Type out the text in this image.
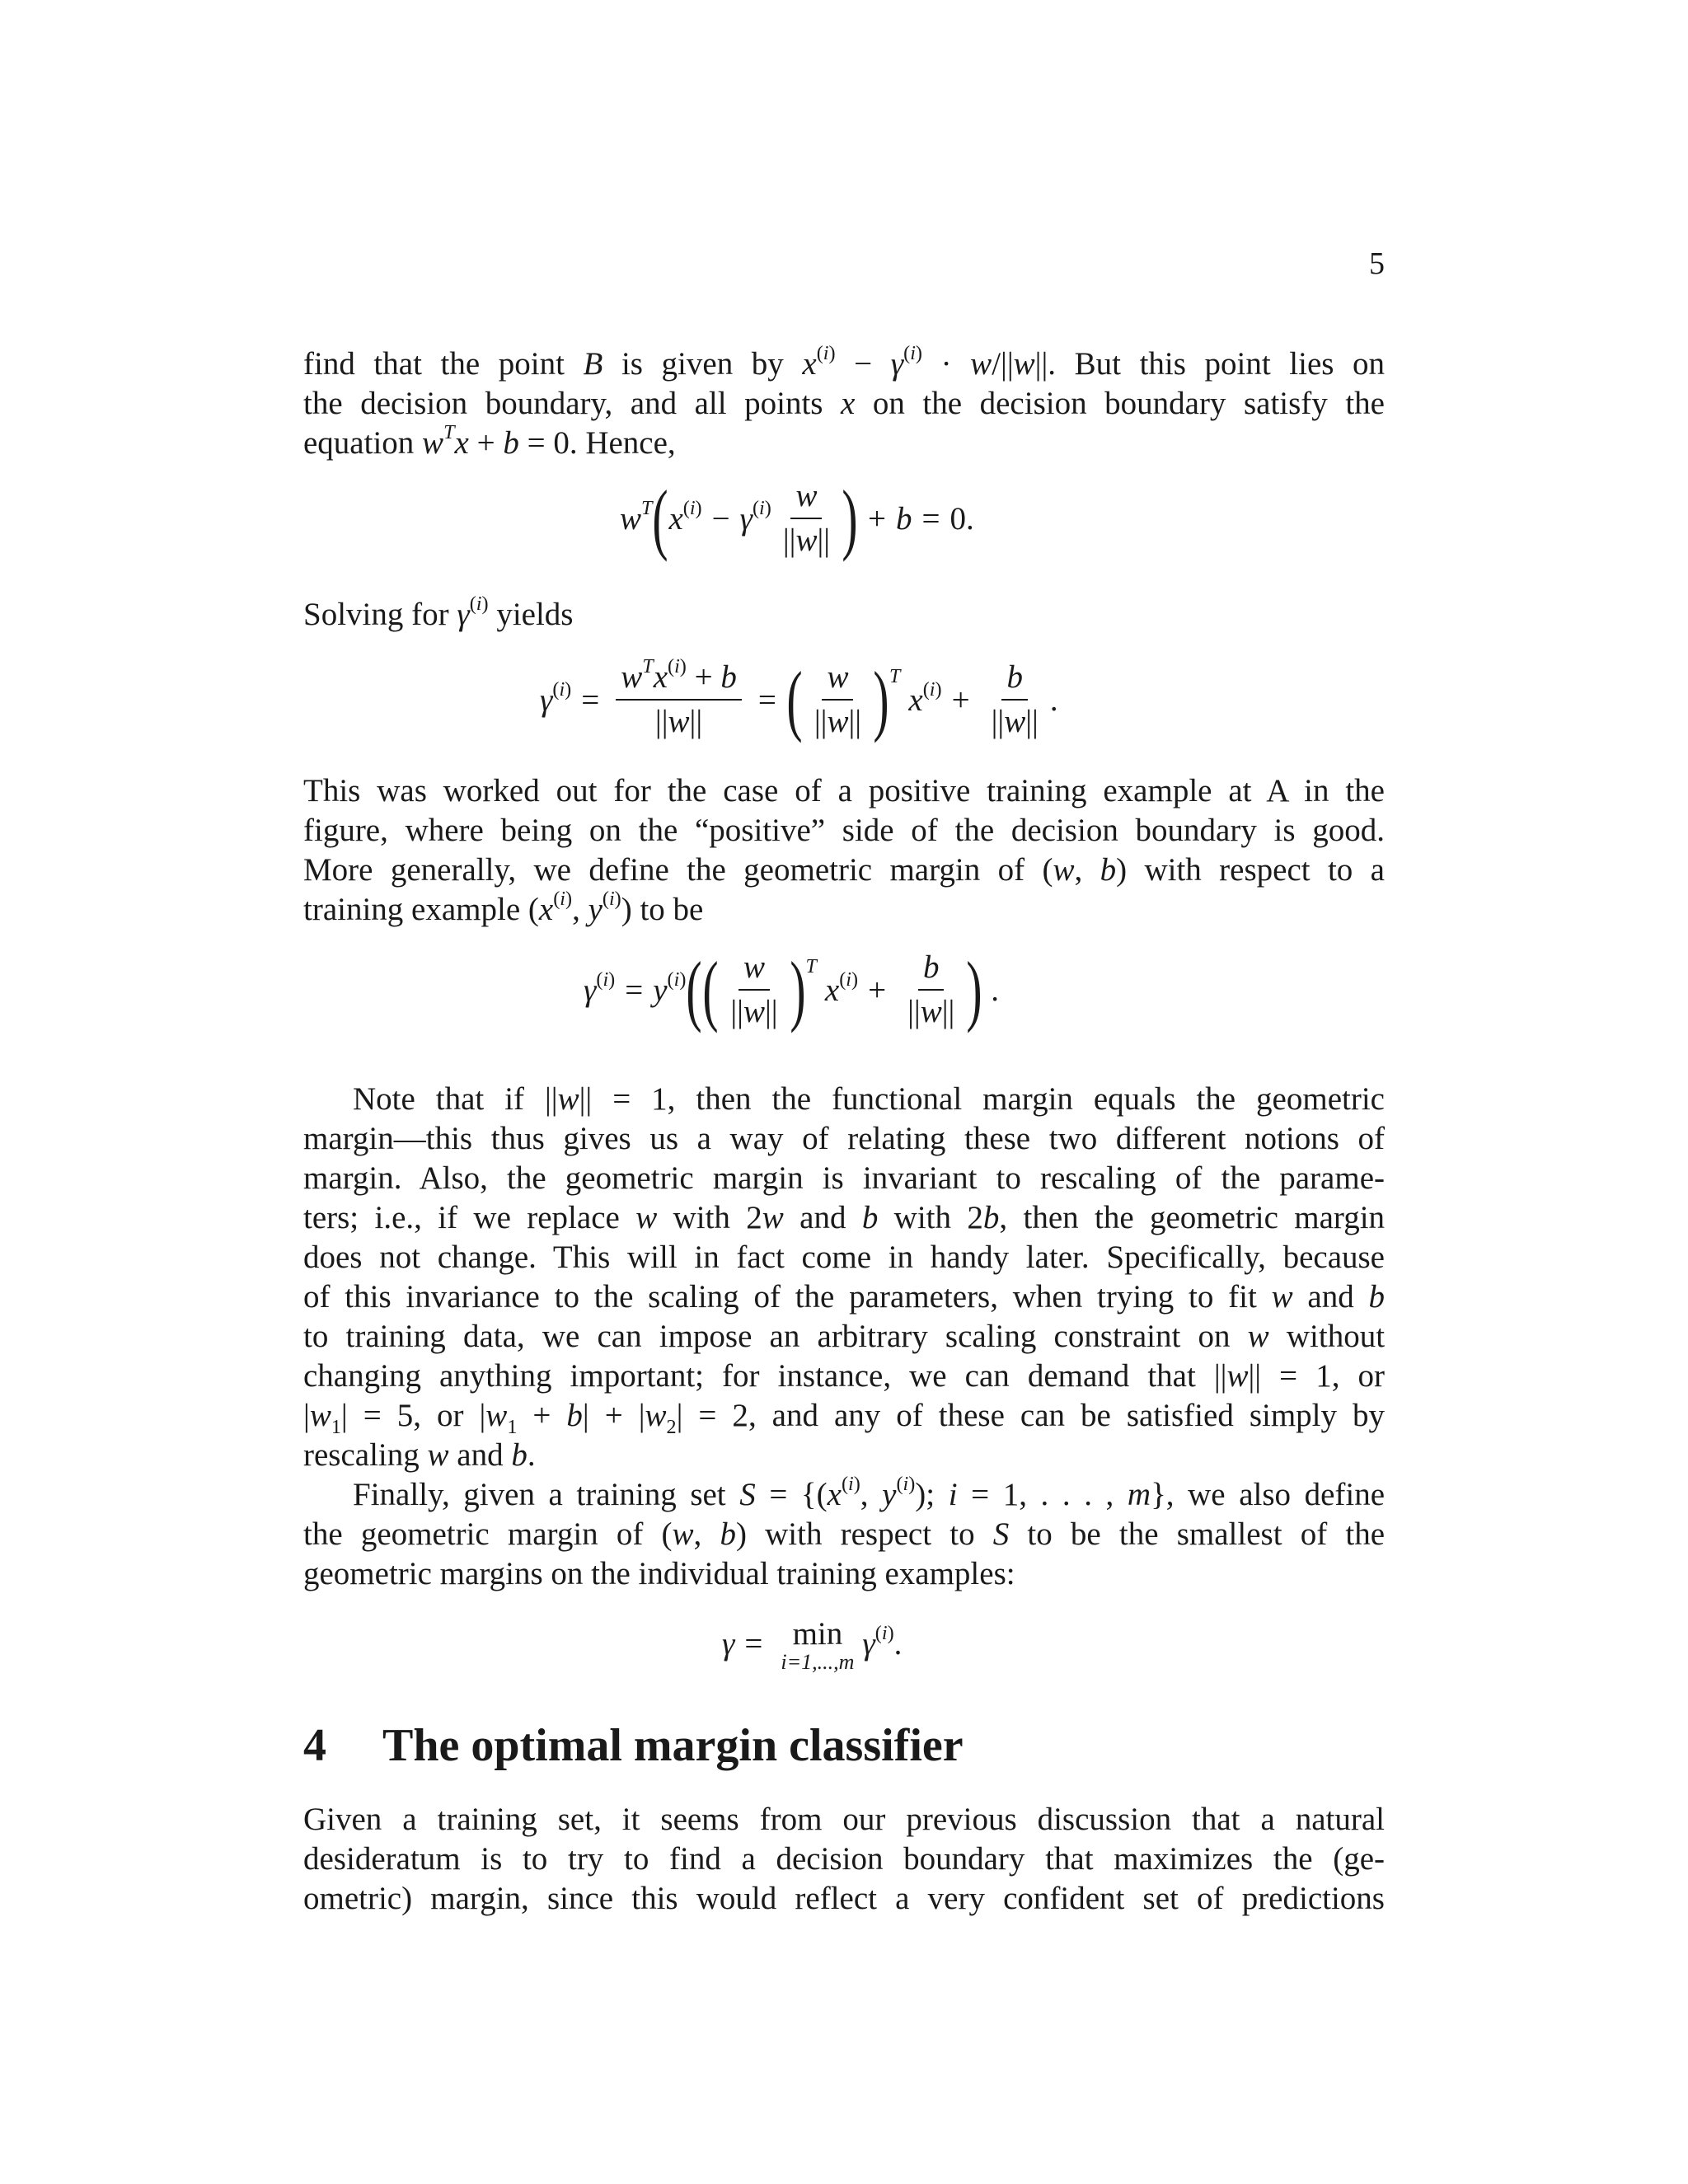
5
find that the point B is given by $x^{(i)} - \gamma^{(i)} \cdot w/||w||$. But this point lies on
the decision boundary, and all points x on the decision boundary satisfy the
equation $w^Tx + b = 0$. Hence,
$w^T$ ( $x^{(i)} - \gamma^{(i)} \frac{w}{||w||}$ ) + b = 0.
Solving for $\gamma^{(i)}$ yields
$\gamma^{(i)} = \frac{w^Tx^{(i)} + b}{||w||}$ = ( $\frac{w}{||w||}$ ) T
$x^{(i)} + \frac{b}{||w||}$ .
This was worked out for the case of a positive training example at A in the
figure, where being on the “positive” side of the decision boundary is good.
More generally, we define the geometric margin of (w, b) with respect to a
training example ($x^{(i)}$, $y^{(i)}$) to be
$\gamma^{(i)} = y^{(i)}$ ( ( $\frac{w}{||w||}$ ) T
$x^{(i)} + \frac{b}{||w||}$ ) .
Note that if ||w|| = 1, then the functional margin equals the geometric
margin—this thus gives us a way of relating these two different notions of
margin. Also, the geometric margin is invariant to rescaling of the parame-
ters; i.e., if we replace w with 2w and b with 2b, then the geometric margin
does not change. This will in fact come in handy later. Specifically, because
of this invariance to the scaling of the parameters, when trying to fit w and b
to training data, we can impose an arbitrary scaling constraint on w without
changing anything important; for instance, we can demand that ||w|| = 1, or
$|w_1| = 5$, or $|w_1 + b| + |w_2| = 2$, and any of these can be satisfied simply by
rescaling w and b.
Finally, given a training set $S = \{(x^{(i)}$, $y^{(i)}$); i = 1, . . . , m}, we also define
the geometric margin of (w, b) with respect to S to be the smallest of the
geometric margins on the individual training examples:
γ = min
i=1,...,m
$\gamma^{(i)}$.
4 The optimal margin classifier
Given a training set, it seems from our previous discussion that a natural
desideratum is to try to find a decision boundary that maximizes the (ge-
ometric) margin, since this would reflect a very confident set of predictions
